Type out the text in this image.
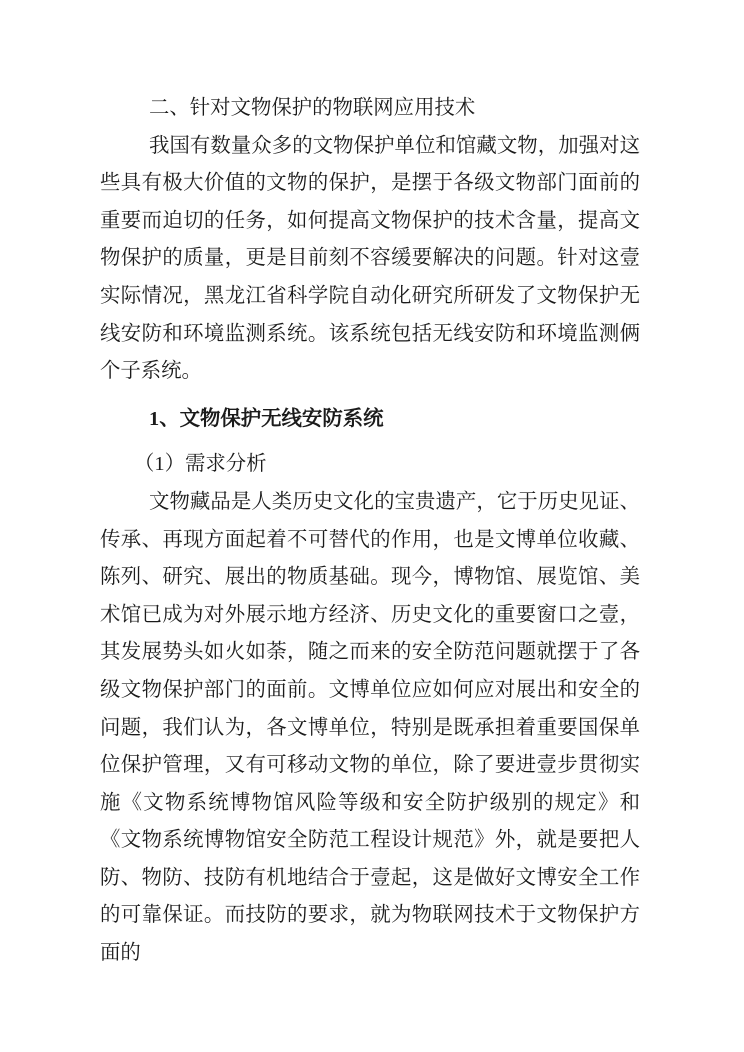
二、针对文物保护的物联网应用技术

我国有数量众多的文物保护单位和馆藏文物，加强对这些具有极大价值的文物的保护，是摆于各级文物部门面前的重要而迫切的任务，如何提高文物保护的技术含量，提高文物保护的质量，更是目前刻不容缓要解决的问题。针对这壹实际情况，黑龙江省科学院自动化研究所研发了文物保护无线安防和环境监测系统。该系统包括无线安防和环境监测俩个子系统。

1、文物保护无线安防系统

（1）需求分析

文物藏品是人类历史文化的宝贵遗产，它于历史见证、传承、再现方面起着不可替代的作用，也是文博单位收藏、陈列、研究、展出的物质基础。现今，博物馆、展览馆、美术馆已成为对外展示地方经济、历史文化的重要窗口之壹，其发展势头如火如荼，随之而来的安全防范问题就摆于了各级文物保护部门的面前。文博单位应如何应对展出和安全的问题，我们认为，各文博单位，特别是既承担着重要国保单位保护管理，又有可移动文物的单位，除了要进壹步贯彻实施《文物系统博物馆风险等级和安全防护级别的规定》和《文物系统博物馆安全防范工程设计规范》外，就是要把人防、物防、技防有机地结合于壹起，这是做好文博安全工作的可靠保证。而技防的要求，就为物联网技术于文物保护方面的
